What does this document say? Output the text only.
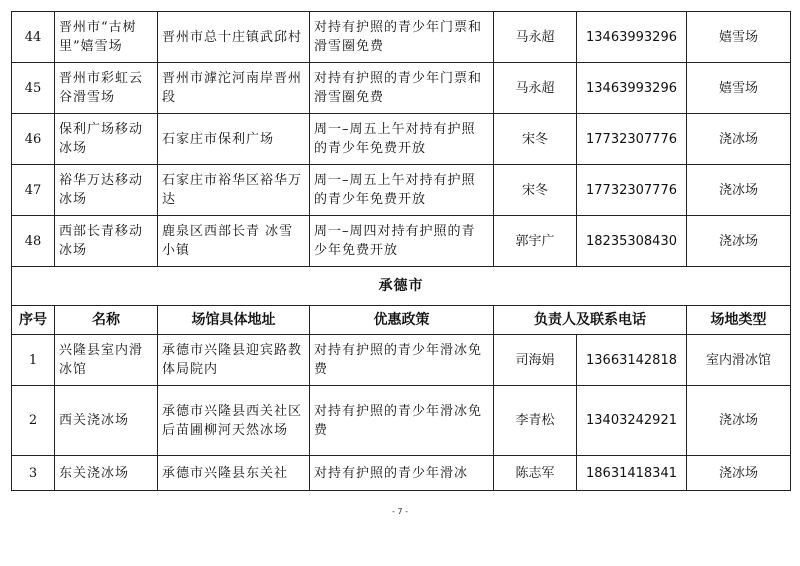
44	晋州市“古树里”嬉雪场	晋州市总十庄镇武邱村	对持有护照的青少年门票和滑雪圈免费	马永超	13463993296	嬉雪场
45	晋州市彩虹云谷滑雪场	晋州市滹沱河南岸晋州段	对持有护照的青少年门票和滑雪圈免费	马永超	13463993296	嬉雪场
46	保利广场移动冰场	石家庄市保利广场	周一–周五上午对持有护照的青少年免费开放	宋冬	17732307776	浇冰场
47	裕华万达移动冰场	石家庄市裕华区裕华万达	周一–周五上午对持有护照的青少年免费开放	宋冬	17732307776	浇冰场
48	西部长青移动冰场	鹿泉区西部长青 冰雪小镇	周一–周四对持有护照的青少年免费开放	郭宇广	18235308430	浇冰场
承德市						
序号	名称	场馆具体地址	优惠政策	负责人及联系电话		场地类型
1	兴隆县室内滑冰馆	承德市兴隆县迎宾路教体局院内	对持有护照的青少年滑冰免费	司海娟	13663142818	室内滑冰馆
2	西关浇冰场	承德市兴隆县西关社区后苗圃柳河天然冰场	对持有护照的青少年滑冰免费	李青松	13403242921	浇冰场
3	东关浇冰场	承德市兴隆县东关社	对持有护照的青少年滑冰	陈志军	18631418341	浇冰场
- 7 -
